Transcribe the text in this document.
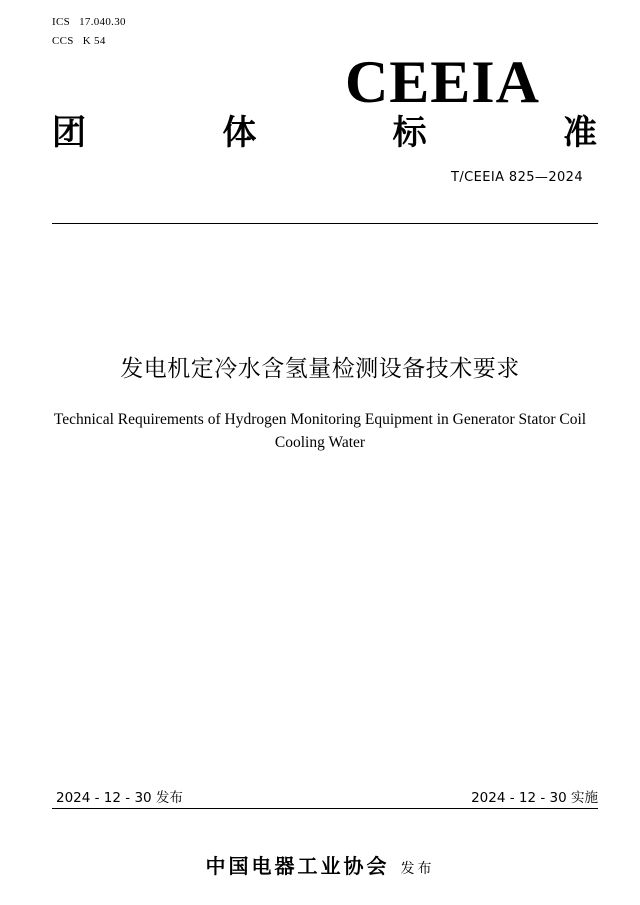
ICS 17.040.30
CCS K 54
CEEIA
团	体	标	准
T/CEEIA 825—2024
发电机定冷水含氢量检测设备技术要求
Technical Requirements of Hydrogen Monitoring Equipment in Generator Stator Coil
Cooling Water
2024 - 12 - 30 发布	2024 - 12 - 30 实施
中国电器工业协会 发布
